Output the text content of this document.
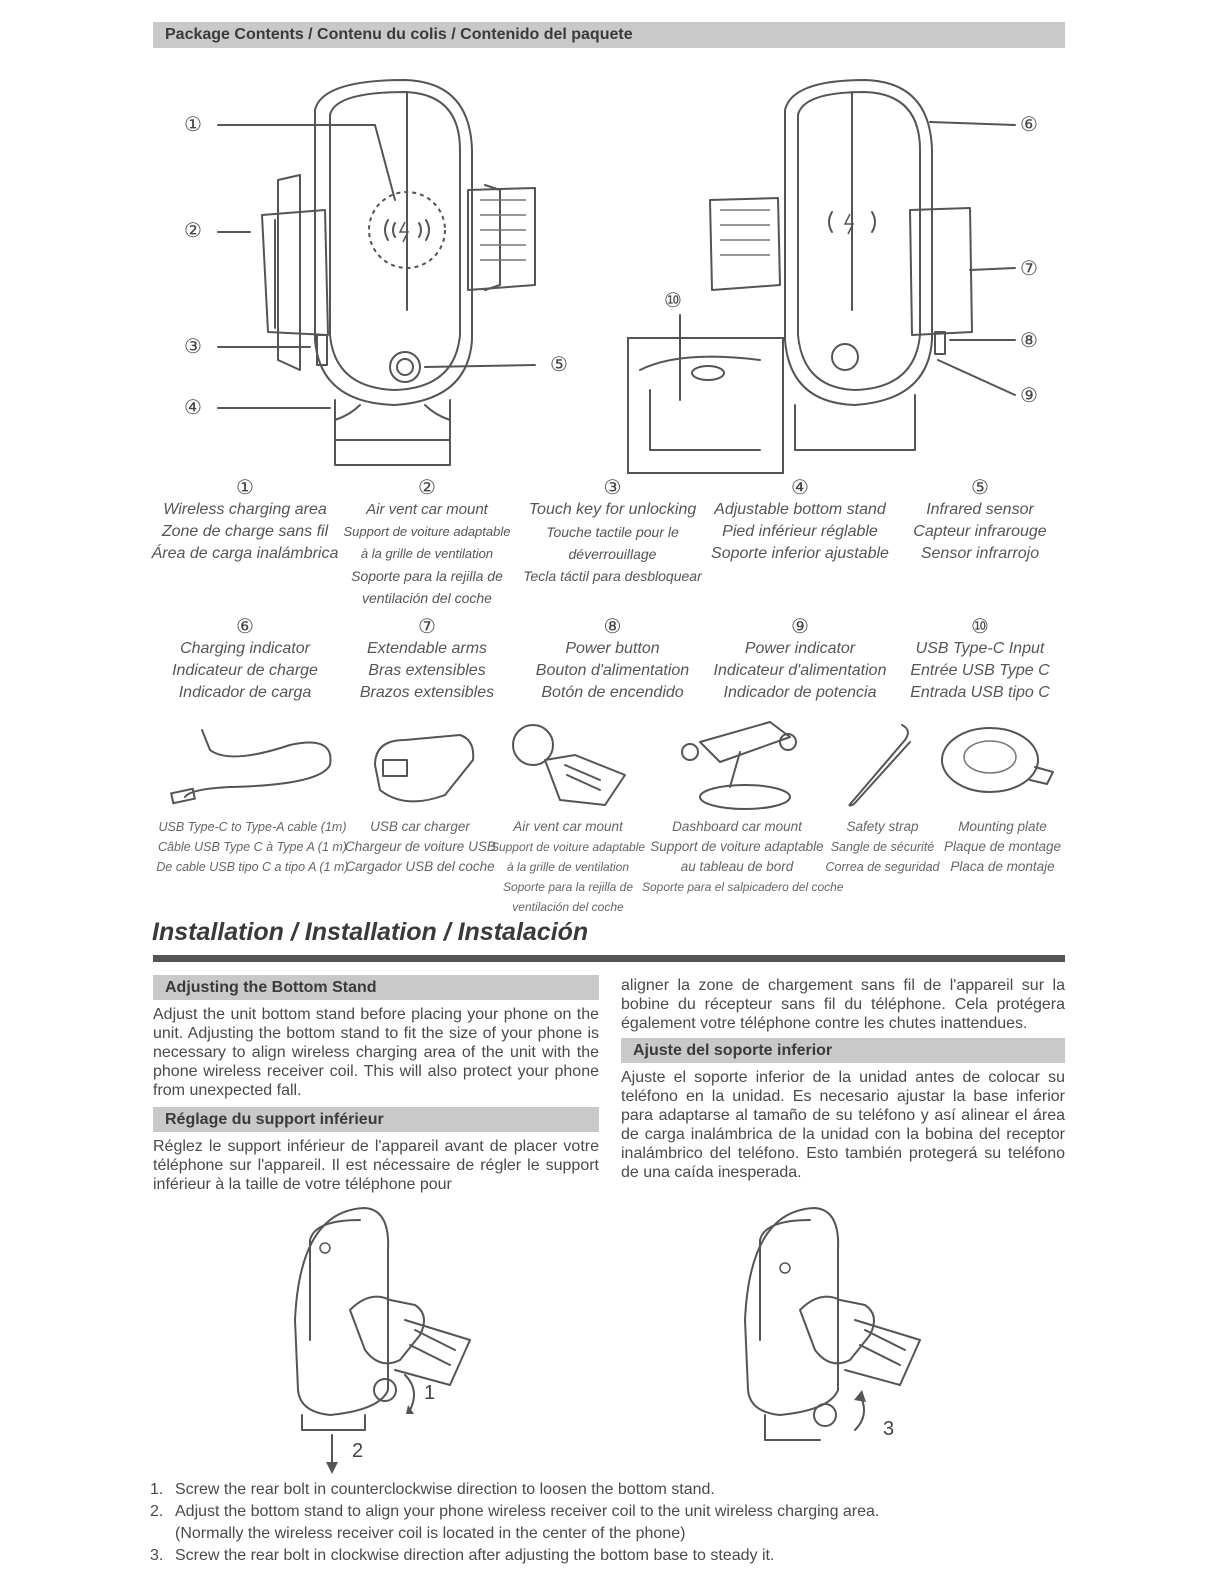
Package Contents / Contenu du colis / Contenido del paquete
①
②
③
④
⑤
⑥
⑦
⑧
⑨
⑩
①
Wireless charging area
Zone de charge sans fil
Área de carga inalámbrica
②
Air vent car mount
Support de voiture adaptable
à la grille de ventilation
Soporte para la rejilla de
ventilación del coche
③
Touch key for unlocking
Touche tactile pour le
déverrouillage
Tecla táctil para desbloquear
④
Adjustable bottom stand
Pied inférieur réglable
Soporte inferior ajustable
⑤
Infrared sensor
Capteur infrarouge
Sensor infrarrojo
⑥
Charging indicator
Indicateur de charge
Indicador de carga
⑦
Extendable arms
Bras extensibles
Brazos extensibles
⑧
Power button
Bouton d'alimentation
Botón de encendido
⑨
Power indicator
Indicateur d'alimentation
Indicador de potencia
⑩
USB Type-C Input
Entrée USB Type C
Entrada USB tipo C
USB Type-C to Type-A cable (1m)
Câble USB Type C à Type A (1 m)
De cable USB tipo C a tipo A (1 m)
USB car charger
Chargeur de voiture USB
Cargador USB del coche
Air vent car mount
Support de voiture adaptable
à la grille de ventilation
Soporte para la rejilla de
ventilación del coche
Dashboard car mount
Support de voiture adaptable
au tableau de bord
Soporte para el salpicadero del coche
Safety strap
Sangle de sécurité
Correa de seguridad
Mounting plate
Plaque de montage
Placa de montaje
Installation / Installation / Instalación
Adjusting the Bottom Stand
Adjust the unit bottom stand before placing your phone on the unit. Adjusting the bottom stand to fit the size of your phone is necessary to align wireless charging area of the unit with the phone wireless receiver coil. This will also protect your phone from unexpected fall.
Réglage du support inférieur
Réglez le support inférieur de l'appareil avant de placer votre téléphone sur l'appareil. Il est nécessaire de régler le support inférieur à la taille de votre téléphone pour
aligner la zone de chargement sans fil de l'appareil sur la bobine du récepteur sans fil du téléphone. Cela protégera également votre téléphone contre les chutes inattendues.
Ajuste del soporte inferior
Ajuste el soporte inferior de la unidad antes de colocar su teléfono en la unidad. Es necesario ajustar la base inferior para adaptarse al tamaño de su teléfono y así alinear el área de carga inalámbrica de la unidad con la bobina del receptor inalámbrico del teléfono. Esto también protegerá su teléfono de una caída inesperada.
1
2
3
1. Screw the rear bolt in counterclockwise direction to loosen the bottom stand.
2. Adjust the bottom stand to align your phone wireless receiver coil to the unit wireless charging area.
(Normally the wireless receiver coil is located in the center of the phone)
3. Screw the rear bolt in clockwise direction after adjusting the bottom base to steady it.
